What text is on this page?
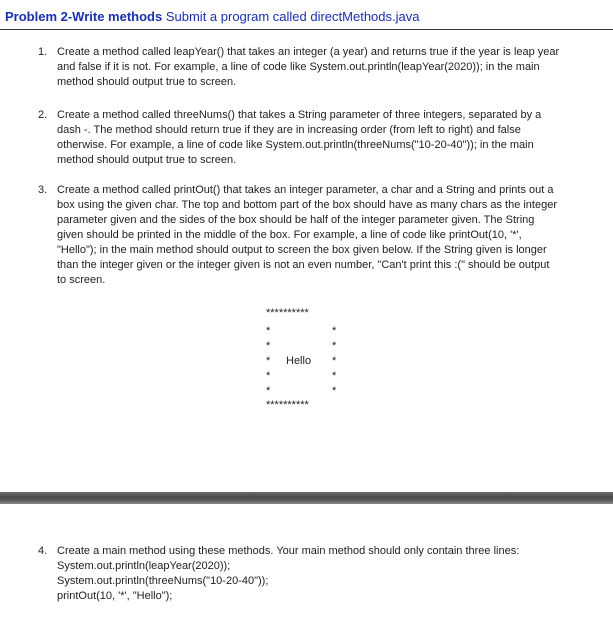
Problem 2-Write methods Submit a program called directMethods.java
1. Create a method called leapYear() that takes an integer (a year) and returns true if the year is leap year
and false if it is not. For example, a line of code like System.out.println(leapYear(2020)); in the main
method should output true to screen.
2. Create a method called threeNums() that takes a String parameter of three integers, separated by a
dash -. The method should return true if they are in increasing order (from left to right) and false
otherwise. For example, a line of code like System.out.println(threeNums("10-20-40")); in the main
method should output true to screen.
3. Create a method called printOut() that takes an integer parameter, a char and a String and prints out a
box using the given char. The top and bottom part of the box should have as many chars as the integer
parameter given and the sides of the box should be half of the integer parameter given. The String
given should be printed in the middle of the box. For example, a line of code like printOut(10, '*',
"Hello"); in the main method should output to screen the box given below. If the String given is longer
than the integer given or the integer given is not an even number, "Can't print this :(" should be output
to screen.
**********
*	*
*	*
* Hello *
*	*
*	*
**********
4. Create a main method using these methods. Your main method should only contain three lines:
System.out.println(leapYear(2020));
System.out.println(threeNums("10-20-40"));
printOut(10, '*', "Hello");
